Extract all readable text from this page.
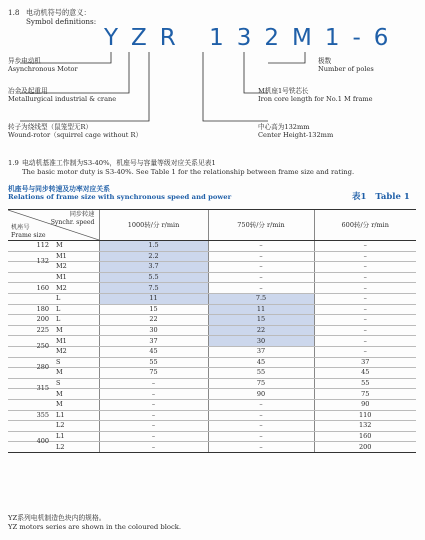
1.8 电动机符号的意义：
Symbol definitions:
YZR 132M1-6
异步电动机
Asynchronous Motor
冶金及起重用
Metallurgical industrial & crane
转子为绕线型（鼠笼型无R）
Wound-rotor（squirrel cage without R）
极数
Number of poles
M机座1号铁芯长
Iron core length for No.1 M frame
中心高为132mm
Center Height-132mm
1.9 电动机基准工作制为S3-40%，机座号与容量等级对应关系见表1
The basic motor duty is S3-40%. See Table 1 for the relationship between frame size and rating.
机座号与同步转速及功率对应关系
Relations of frame size with synchronous speed and power	表1 Table 1
同步转速
Synchr. speed
机座号
Frame size	1000转/分 r/min	750转/分 r/min	600转/分 r/min
112 M	1.5	–	–
132M1	2.2	–	–
M2	3.7	–	–
160M1	5.5	–	–
M2	7.5	–	–
L	11	7.5	–
180 L	15	11	–
200 L	22	15	–
225 M	30	22	–
250M1	37	30	–
M2	45	37	–
280S	55	45	37
M	75	55	45
315S	–	75	55
M	–	90	75
355M	–	–	90
L1	–	–	110
L2	–	–	132
400L1	–	–	160
L2	–	–	200
YZ系列电机制造色块内的规格。
YZ motors series are shown in the coloured block.
